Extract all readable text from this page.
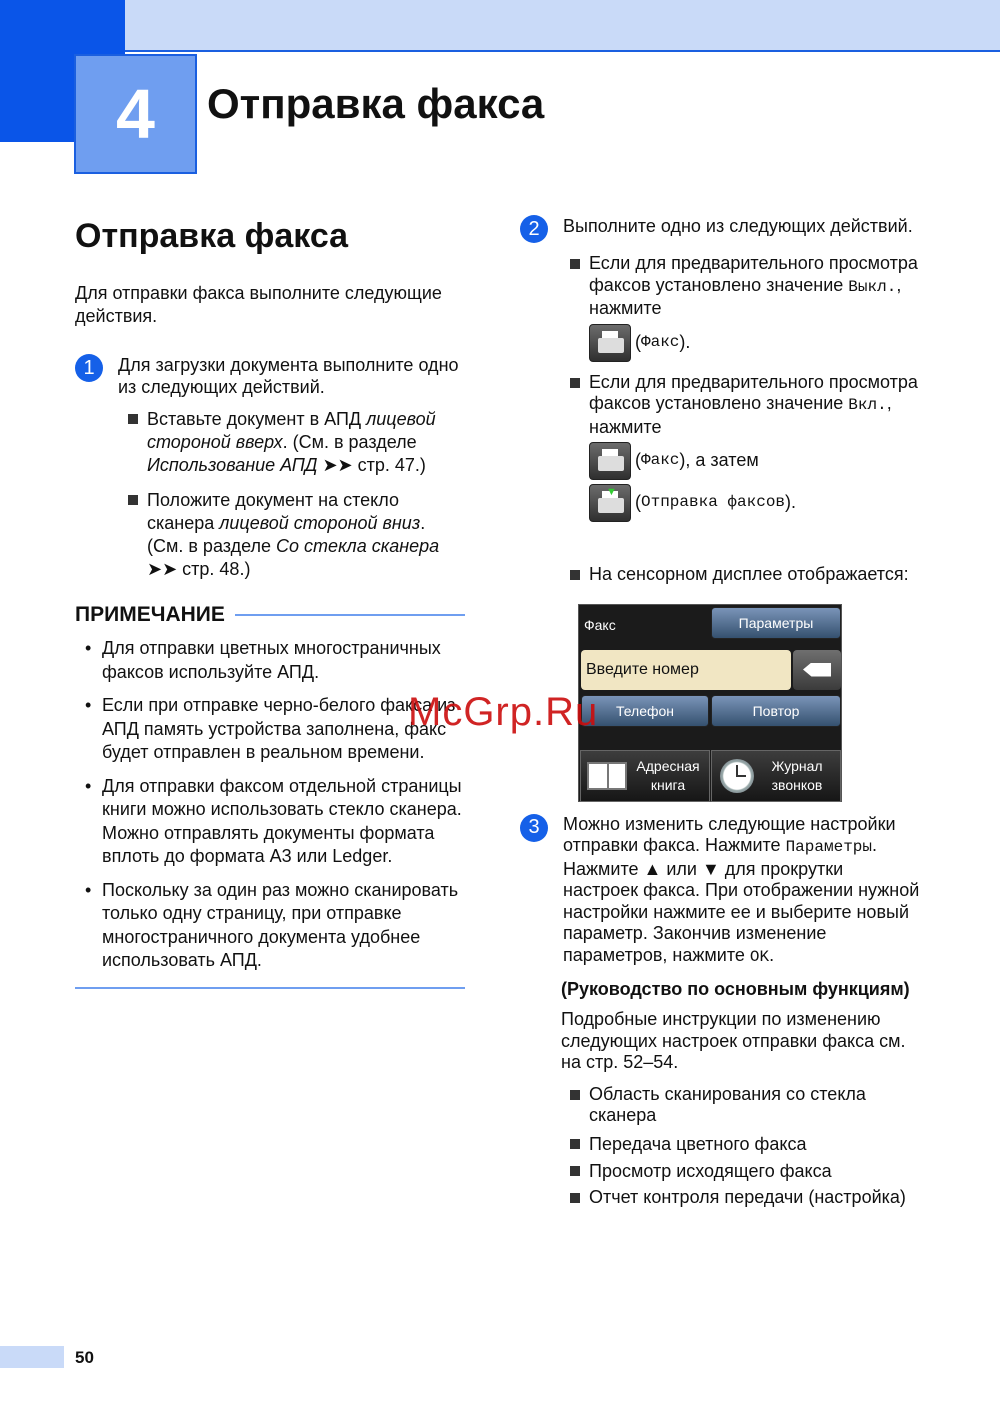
4 Отправка факса
Отправка факса
Для отправки факса выполните следующие действия.
1	Для загрузки документа выполните одно из следующих действий.
Вставьте документ в АПД лицевой стороной вверх. (См. в разделе Использование АПД ➤➤ стр. 47.)
Положите документ на стекло сканера лицевой стороной вниз. (См. в разделе Со стекла сканера ➤➤ стр. 48.)
ПРИМЕЧАНИЕ
• Для отправки цветных многостраничных факсов используйте АПД.
• Если при отправке черно-белого факса из АПД память устройства заполнена, факс будет отправлен в реальном времени.
• Для отправки факсом отдельной страницы книги можно использовать стекло сканера. Можно отправлять документы формата вплоть до формата A3 или Ledger.
• Поскольку за один раз можно сканировать только одну страницу, при отправке многостраничного документа удобнее использовать АПД.
2	Выполните одно из следующих действий.
Если для предварительного просмотра факсов установлено значение Выкл., нажмите
( Факс ).
Если для предварительного просмотра факсов установлено значение Вкл., нажмите
( Факс ), а затем
▼
( Отправка факсов ).
На сенсорном дисплее отображается:
Факс	Параметры
Введите номер
Телефон	Повтор
Адресная
книга
Журнал
звонков
3	Можно изменить следующие настройки отправки факса. Нажмите Параметры. Нажмите ▲ или ▼ для прокрутки настроек факса. При отображении нужной настройки нажмите ее и выберите новый параметр. Закончив изменение параметров, нажмите OK.
(Руководство по основным функциям)
Подробные инструкции по изменению следующих настроек отправки факса см. на стр. 52–54.
Область сканирования со стекла сканера
Передача цветного факса
Просмотр исходящего факса
Отчет контроля передачи (настройка)
McGrp.Ru
50
